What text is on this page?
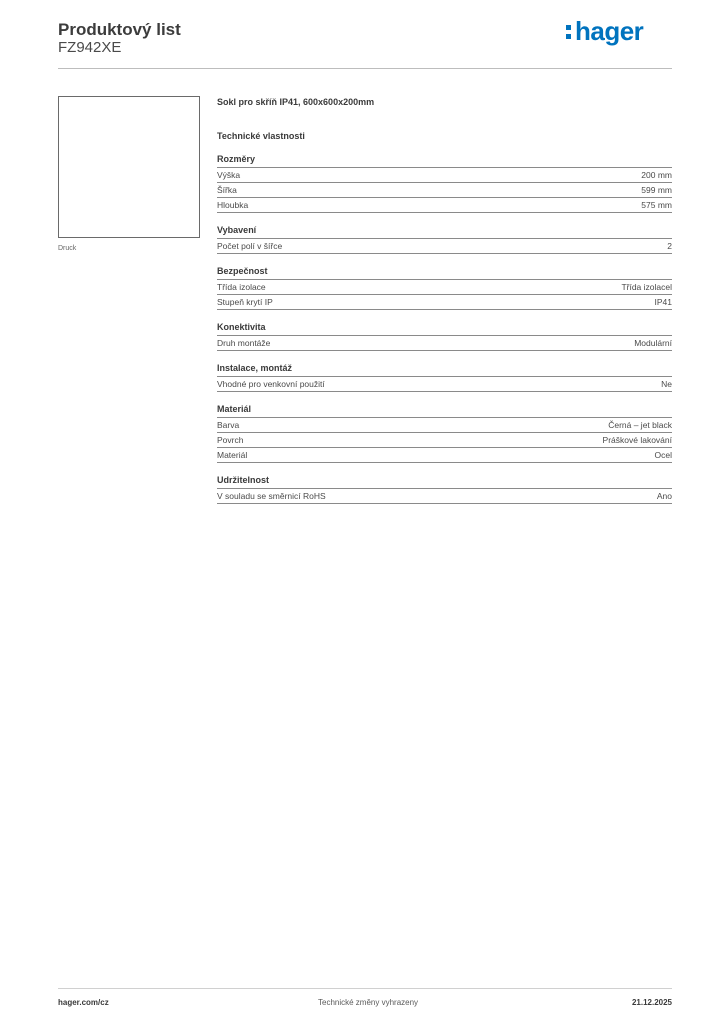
Produktový list
FZ942XE
hager
Druck
Sokl pro skříň IP41, 600x600x200mm
Technické vlastnosti
Rozměry
Výška	200 mm
Šířka	599 mm
Hloubka	575 mm
Vybavení
Počet polí v šířce	2
Bezpečnost
Třída izolace	Třída izolacel
Stupeň krytí IP	IP41
Konektivita
Druh montáže	Modulární
Instalace, montáž
Vhodné pro venkovní použití	Ne
Materiál
Barva	Černá – jet black
Povrch	Práškové lakování
Materiál	Ocel
Udržitelnost
V souladu se směrnicí RoHS	Ano
hager.com/cz	Technické změny vyhrazeny	21.12.2025
